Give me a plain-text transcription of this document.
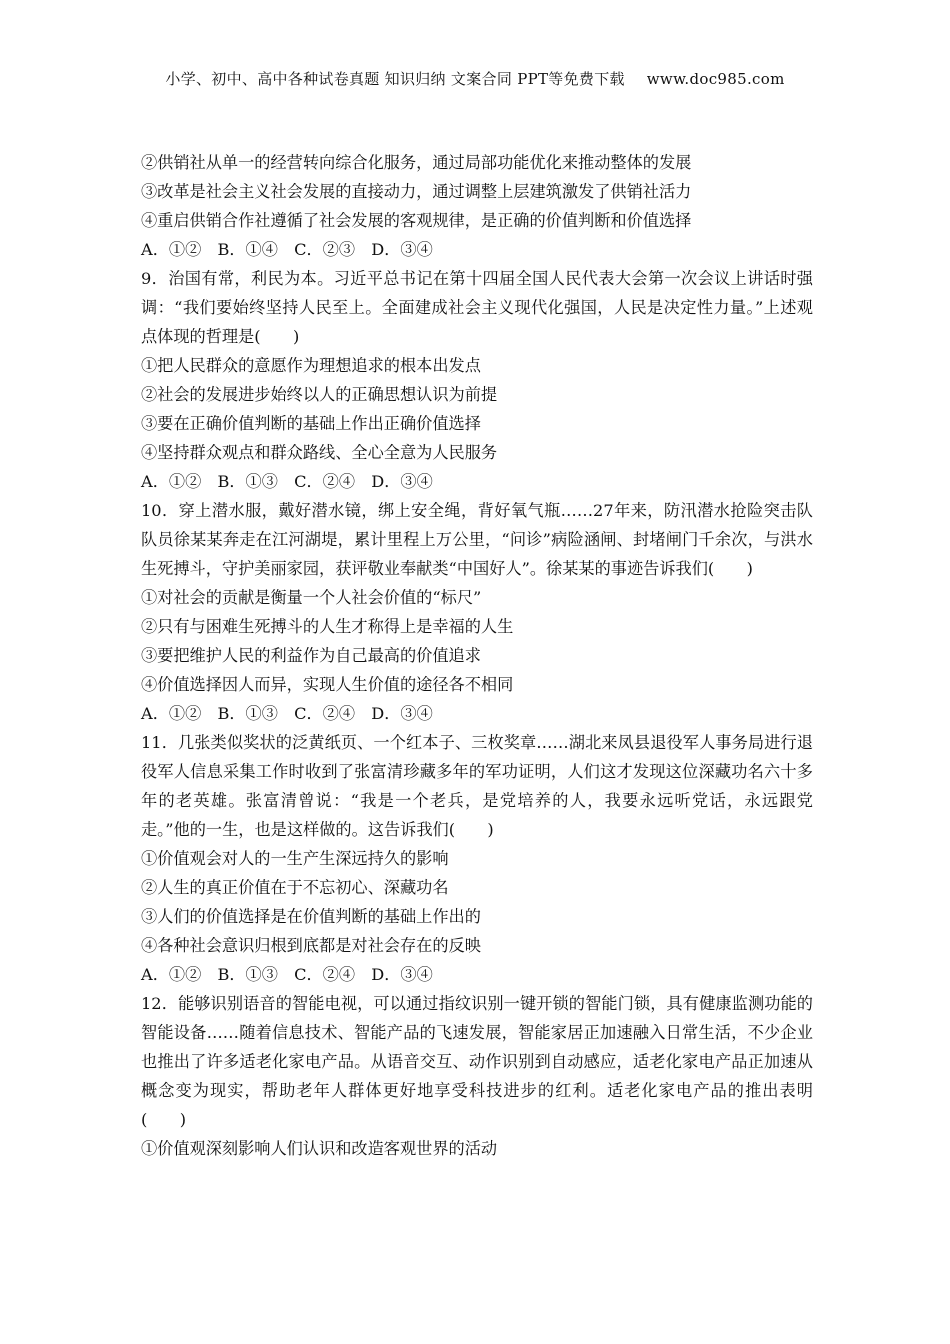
小学、初中、高中各种试卷真题 知识归纳 文案合同 PPT等免费下载 www.doc985.com
②供销社从单一的经营转向综合化服务，通过局部功能优化来推动整体的发展
③改革是社会主义社会发展的直接动力，通过调整上层建筑激发了供销社活力
④重启供销合作社遵循了社会发展的客观规律，是正确的价值判断和价值选择
A．①②　B．①④　C．②③　D．③④
9．治国有常，利民为本。习近平总书记在第十四届全国人民代表大会第一次会议上讲话时强调：“我们要始终坚持人民至上。全面建成社会主义现代化强国，人民是决定性力量。”上述观点体现的哲理是(　　)
①把人民群众的意愿作为理想追求的根本出发点
②社会的发展进步始终以人的正确思想认识为前提
③要在正确价值判断的基础上作出正确价值选择
④坚持群众观点和群众路线、全心全意为人民服务
A．①②　B．①③　C．②④　D．③④
10．穿上潜水服，戴好潜水镜，绑上安全绳，背好氧气瓶……27年来，防汛潜水抢险突击队队员徐某某奔走在江河湖堤，累计里程上万公里，“问诊”病险涵闸、封堵闸门千余次，与洪水生死搏斗，守护美丽家园，获评敬业奉献类“中国好人”。徐某某的事迹告诉我们(　　)
①对社会的贡献是衡量一个人社会价值的“标尺”
②只有与困难生死搏斗的人生才称得上是幸福的人生
③要把维护人民的利益作为自己最高的价值追求
④价值选择因人而异，实现人生价值的途径各不相同
A．①②　B．①③　C．②④　D．③④
11．几张类似奖状的泛黄纸页、一个红本子、三枚奖章……湖北来凤县退役军人事务局进行退役军人信息采集工作时收到了张富清珍藏多年的军功证明，人们这才发现这位深藏功名六十多年的老英雄。张富清曾说：“我是一个老兵，是党培养的人，我要永远听党话，永远跟党走。”他的一生，也是这样做的。这告诉我们(　　)
①价值观会对人的一生产生深远持久的影响
②人生的真正价值在于不忘初心、深藏功名
③人们的价值选择是在价值判断的基础上作出的
④各种社会意识归根到底都是对社会存在的反映
A．①②　B．①③　C．②④　D．③④
12．能够识别语音的智能电视，可以通过指纹识别一键开锁的智能门锁，具有健康监测功能的智能设备……随着信息技术、智能产品的飞速发展，智能家居正加速融入日常生活，不少企业也推出了许多适老化家电产品。从语音交互、动作识别到自动感应，适老化家电产品正加速从概念变为现实，帮助老年人群体更好地享受科技进步的红利。适老化家电产品的推出表明(　　)
①价值观深刻影响人们认识和改造客观世界的活动
